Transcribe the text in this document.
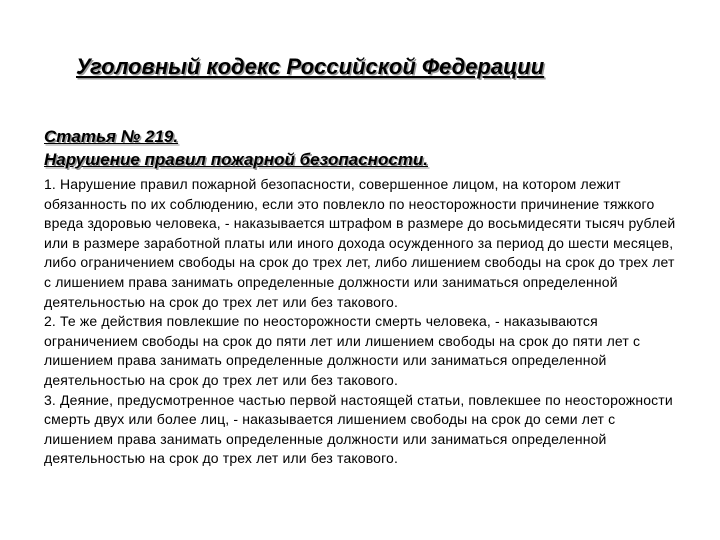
Уголовный кодекс Российской Федерации
Статья № 219.
Нарушение правил пожарной безопасности.

1. Нарушение правил пожарной безопасности, совершенное лицом, на котором лежит обязанность по их соблюдению, если это повлекло по неосторожности причинение тяжкого вреда здоровью человека, - наказывается штрафом в размере до восьмидесяти тысяч рублей или в размере заработной платы или иного дохода осужденного за период до шести месяцев, либо ограничением свободы на срок до трех лет, либо лишением свободы на срок до трех лет с лишением права занимать определенные должности или заниматься определенной деятельностью на срок до трех лет или без такового.

2. Те же действия повлекшие по неосторожности смерть человека, - наказываются ограничением свободы на срок до пяти лет или лишением свободы на срок до пяти лет с лишением права занимать определенные должности или заниматься определенной деятельностью на срок до трех лет или без такового.

3. Деяние, предусмотренное частью первой настоящей статьи, повлекшее по неосторожности смерть двух или более лиц, - наказывается лишением свободы на срок до семи лет с лишением права занимать определенные должности или заниматься определенной деятельностью на срок до трех лет или без такового.
